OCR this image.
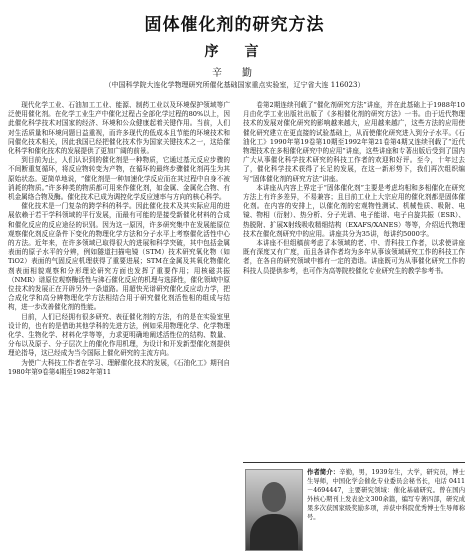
固体催化剂的研究方法
序　言
辛　勤
（中国科学院大连化学物理研究所催化基础国家重点实验室，辽宁省大连 116023）

现代化学工业、石油加工工业、能源、制药工业以及环境保护领域等广泛使用催化剂。在化学工业生产中催化过程占全部化学过程的80%以上，因此催化科学技术对国家的经济、环境和公众健康起着关键作用。当前，人们对生活质量和环境问题日益重视，而许多现代的低成本且节能的环境技术和同催化技术相关，因此我国已经把催化技术作为国家关键技术之一，这给催化科学和催化技术的发展提供了更加广阔的前景。

到目前为止，人们认识到的催化剂是一种物质，它通过基元反应步骤的不间断重复循环，将反应物转变为产物，在循环的最终步骤催化剂再生为其原始状态。更简单地说，“催化剂是一种加速化学反应而在其过程中自身不被消耗的物质。”许多种类的物质都可用来作催化剂，如金属、金属化合物、有机金属络合物及酶。催化技术已成为调控化学反应速率与方向的核心科学。

催化技术是一门复杂的跨学科的科学。因此催化技术及其实际应用的进展依赖于若干学科领域的平行发展，而最有可能的是接受新催化材料的合成和催化反应的反应途径的识别。因为这一原因，许多研究集中在发展能原位观察催化剂反应条件下变化的物理化学方法和分子水平上考察催化活性中心的方法。近年来，在许多领域已取得很大的进展和科学突破，其中包括金属表面的原子水平的分辨，例如隧道扫描电镜（STM）技术研究氧化物（如TiO2）表面的气固反应机理获得了重要进展；STM在金属及其氧化物催化剂表面相貌观察和分形理论研究方面也发挥了重要作用；用核磁共振（NMR）谱原位观察酶活性与沸石催化反应的机理与选择性，催化领域中原位技术的发展正在开辟另外一条道路。用超快光谱研究催化反应动力学，把合成化学和高分辨物理化学方法相结合用于研究催化剂活性相的组成与结构，进一步改善催化剂的性能。

目前，人们已经拥有很多研究、表征催化剂的方法，有的是在实验室里设计的，也有的是借助其他学科的先进方法，例如采用物理化学、化学物理化学、生物化学、材料化学等等，力求更明确地阐述活性位的结构、数量、分布以及原子、分子层次上的催化作用机理，为设计和开发新型催化剂提供理论指导，这已经成为当今国际上催化研究的主流方向。

为使广大科技工作者在学习、理解催化技术的发展，《石油化工》期刊自1980年第9卷第4期至1982年第11

卷第2期连续刊载了“催化剂研究方法”讲座，并在此基础上于1988年10月由化学工业出版社出版了《多相催化剂的研究方法》一书。由于近代物理技术的发展对催化研究的影响越来越大，应用越来越广，这些方法的应用使催化研究建立在更直接的试验基础上，从而使催化研究进入到分子水平。《石油化工》1990年第19卷第10期至1992年第21卷第4期又连续刊载了“近代物理技术在多相催化研究中的应用”讲座，这些讲座和专著出版后受到了国内广大从事催化科学技术研究的科技工作者的欢迎和好评。至今，十年过去了，催化科学技术获得了长足的发展，在这一新形势下，我们再次组织编写“固体催化剂的研究方法”讲座。

本讲座从内容上界定于“固体催化剂”主要是考虑均相和多相催化在研究方法上有许多差异，不易兼容；且目前工业上大宗应用的催化剂都是固体催化剂。在内容的安排上，以催化剂的宏观物性测试、机械性质、吸附、电镜、物相（衍射）、热分析、分子光谱、电子能谱、电子自旋共振（ESR）、热脱附、扩展X射线吸收精细结构（EXAFS/XANES）等等，介绍近代物理技术在催化剂研究中的应用。讲座共分为35讲，每讲约5000字。

本讲座不但组稿前考虑了本领域的老、中、青科技工作者，以求使讲座既有深度又有广度，而且各讲作者均为多年从事该领域研究工作的科技工作者，在各自的研究领域中都有一定的造诣。讲座既可为从事催化研究工作的科技人员提供参考，也可作为高等院校催化专业研究生的教学参考书。

作者简介：辛勤，男，1939年生，大学，研究员，博士生导师，中国化学会催化专业委员会秘书长，电话 0411－4694447，主要研究领域：催化基础研究。曾在国内外核心期刊上发表论文300余篇，编写专著四部，研究成果多次获国家级奖励多项，并获中科院优秀博士生导师称号。
